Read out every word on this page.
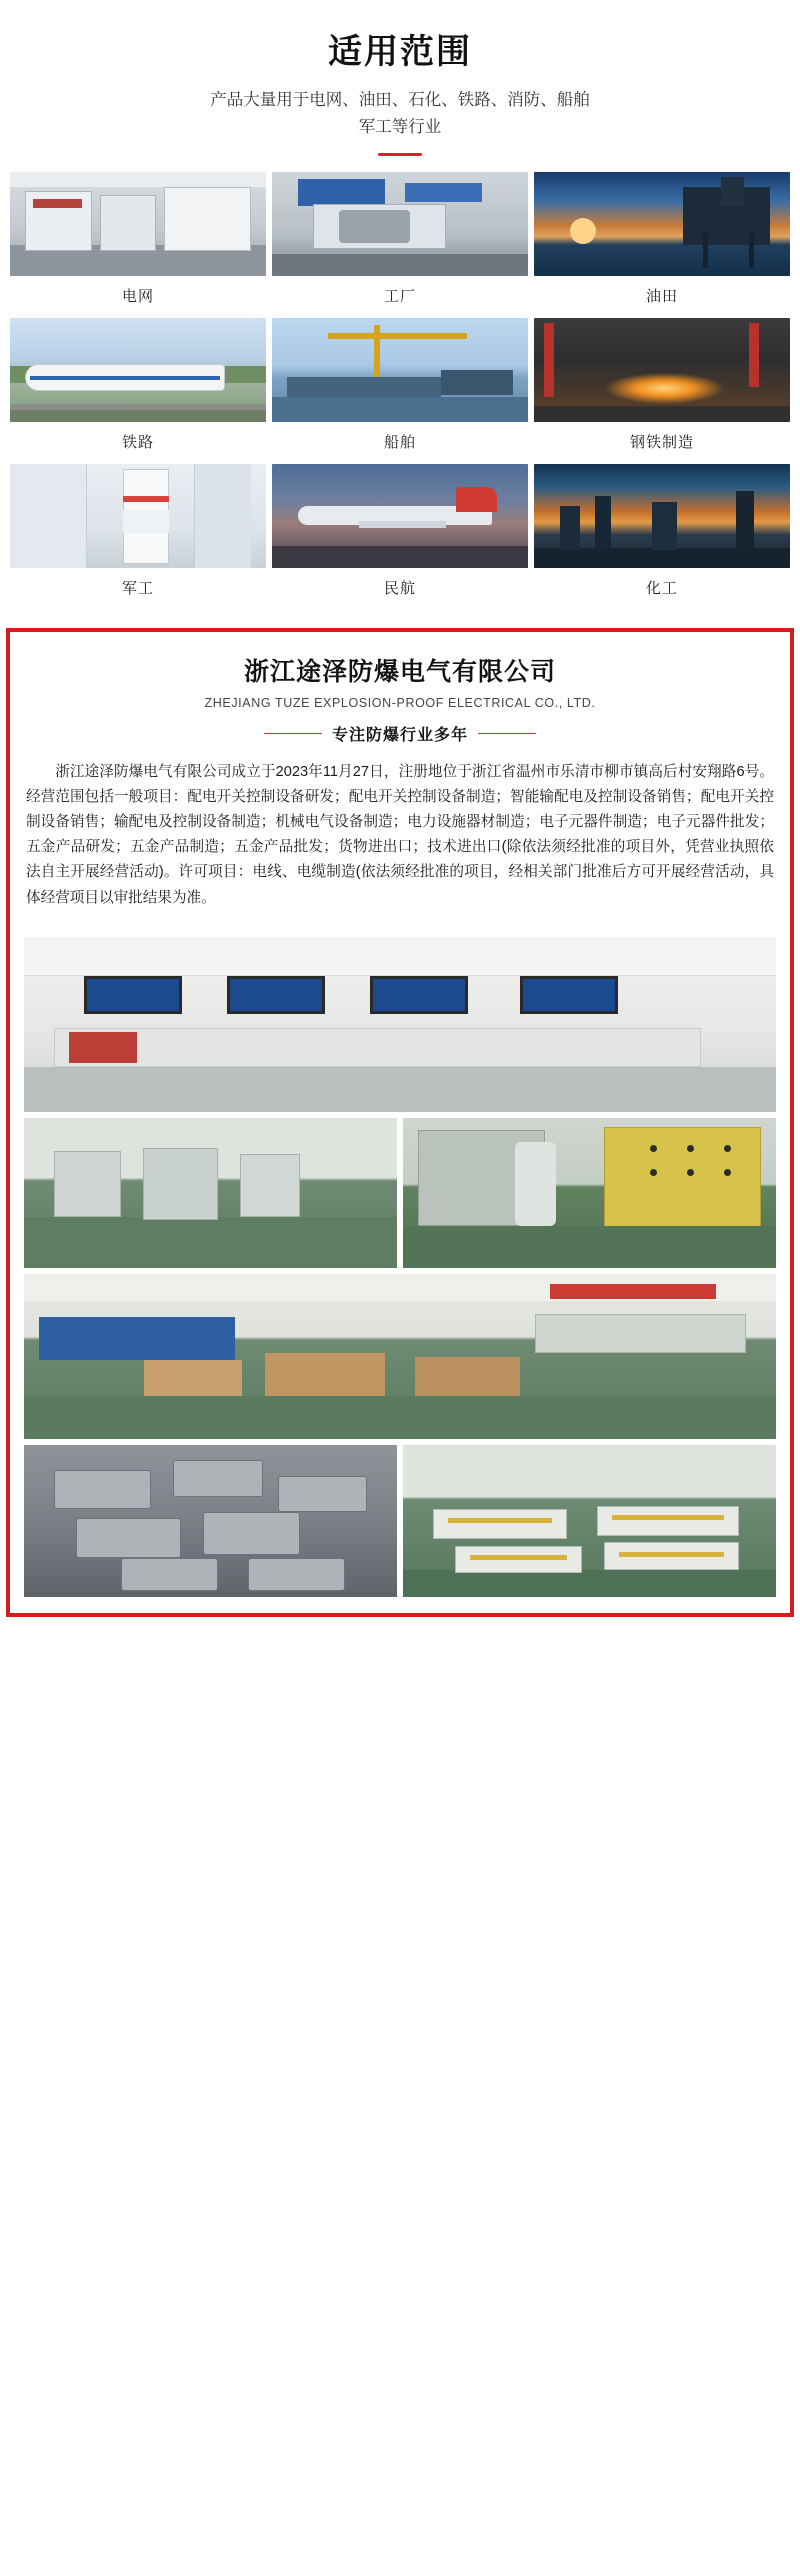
适用范围
产品大量用于电网、油田、石化、铁路、消防、船舶
军工等行业
电网	工厂	油田
铁路	船舶	钢铁制造
军工	民航	化工
浙江途泽防爆电气有限公司
ZHEJIANG TUZE EXPLOSION-PROOF ELECTRICAL CO., LTD.
专注防爆行业多年

浙江途泽防爆电气有限公司成立于2023年11月27日，注册地位于浙江省温州市乐清市柳市镇高后村安翔路6号。经营范围包括一般项目：配电开关控制设备研发；配电开关控制设备制造；智能输配电及控制设备销售；配电开关控制设备销售；输配电及控制设备制造；机械电气设备制造；电力设施器材制造；电子元器件制造；电子元器件批发；五金产品研发；五金产品制造；五金产品批发；货物进出口；技术进出口(除依法须经批准的项目外，凭营业执照依法自主开展经营活动)。许可项目：电线、电缆制造(依法须经批准的项目，经相关部门批准后方可开展经营活动，具体经营项目以审批结果为准。
